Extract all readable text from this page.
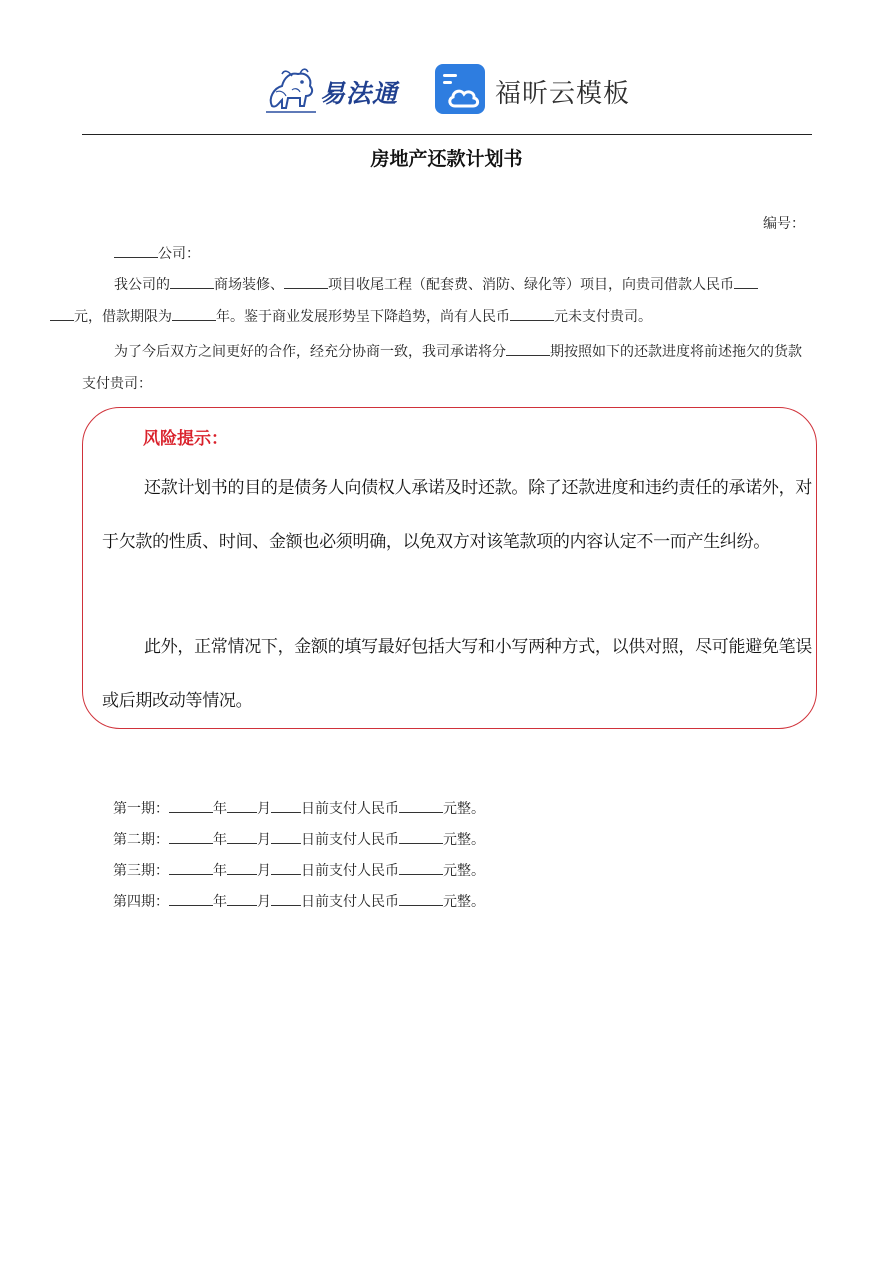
易法通	福昕云模板
房地产还款计划书
编号：
公司：
我公司的	商场装修、	项目收尾工程（配套费、消防、绿化等）项目，向贵司借款人民币
元，借款期限为	年。鉴于商业发展形势呈下降趋势，尚有人民币	元未支付贵司。
为了今后双方之间更好的合作，经充分协商一致，我司承诺将分	期按照如下的还款进度将前述拖欠的货款支付贵司：
风险提示：
还款计划书的目的是债务人向债权人承诺及时还款。除了还款进度和违约责任的承诺外，对于欠款的性质、时间、金额也必须明确，以免双方对该笔款项的内容认定不一而产生纠纷。
此外，正常情况下，金额的填写最好包括大写和小写两种方式，以供对照，尽可能避免笔误或后期改动等情况。
第一期：	年 月 日前支付人民币	元整。
第二期：	年 月 日前支付人民币	元整。
第三期：	年 月 日前支付人民币	元整。
第四期：	年 月 日前支付人民币	元整。
